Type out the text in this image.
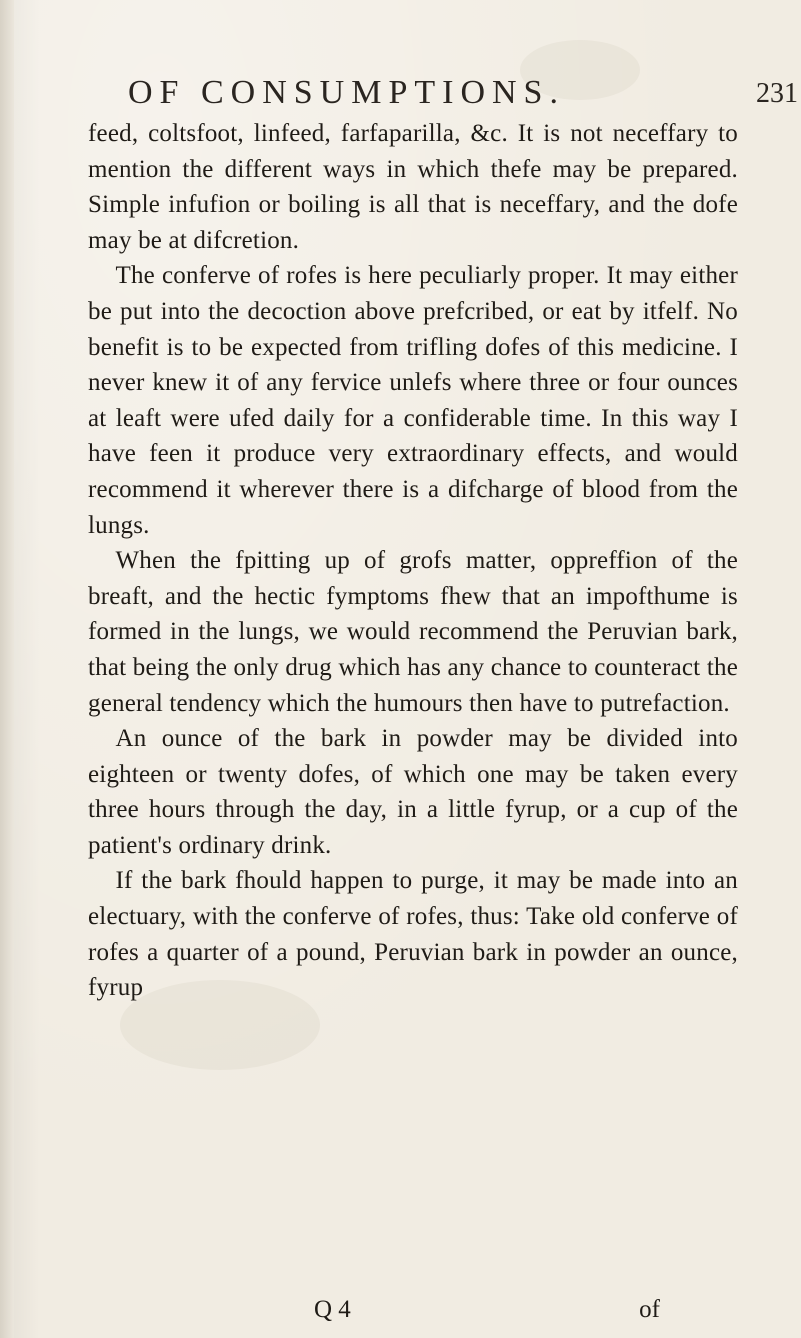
OF CONSUMPTIONS.	231

feed, coltsfoot, linfeed, farfaparilla, &c. It is not neceffary to mention the different ways in which thefe may be prepared. Simple infufion or boiling is all that is neceffary, and the dofe may be at difcretion.

The conferve of rofes is here peculiarly proper. It may either be put into the decoction above prefcribed, or eat by itfelf. No benefit is to be expected from trifling dofes of this medicine. I never knew it of any fervice unlefs where three or four ounces at leaft were ufed daily for a confiderable time. In this way I have feen it produce very extraordinary effects, and would recommend it wherever there is a difcharge of blood from the lungs.

When the fpitting up of grofs matter, oppreffion of the breaft, and the hectic fymptoms fhew that an impofthume is formed in the lungs, we would recommend the Peruvian bark, that being the only drug which has any chance to counteract the general tendency which the humours then have to putrefaction.

An ounce of the bark in powder may be divided into eighteen or twenty dofes, of which one may be taken every three hours through the day, in a little fyrup, or a cup of the patient's ordinary drink.

If the bark fhould happen to purge, it may be made into an electuary, with the conferve of rofes, thus: Take old conferve of rofes a quarter of a pound, Peruvian bark in powder an ounce, fyrup

Q 4	of
